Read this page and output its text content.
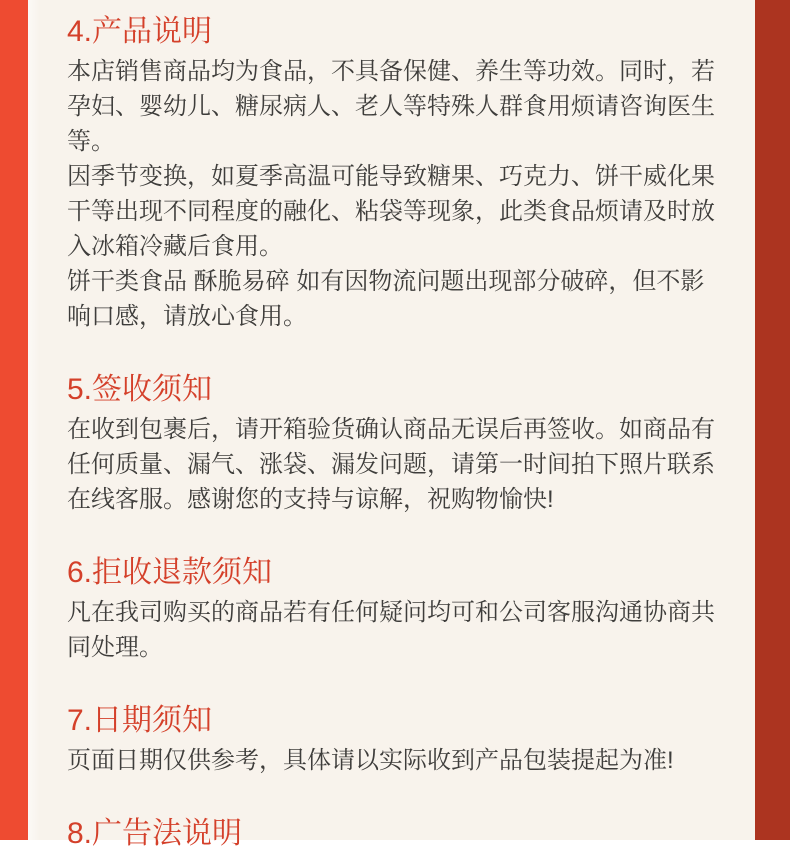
4.产品说明

本店销售商品均为食品，不具备保健、养生等功效。同时，若孕妇、婴幼儿、糖尿病人、老人等特殊人群食用烦请咨询医生等。

因季节变换，如夏季高温可能导致糖果、巧克力、饼干威化果干等出现不同程度的融化、粘袋等现象，此类食品烦请及时放入冰箱冷藏后食用。

饼干类食品 酥脆易碎 如有因物流问题出现部分破碎，但不影响口感，请放心食用。

5.签收须知

在收到包裹后，请开箱验货确认商品无误后再签收。如商品有任何质量、漏气、涨袋、漏发问题，请第一时间拍下照片联系在线客服。感谢您的支持与谅解，祝购物愉快!

6.拒收退款须知

凡在我司购买的商品若有任何疑问均可和公司客服沟通协商共同处理。

7.日期须知

页面日期仅供参考，具体请以实际收到产品包装提起为准!

8.广告法说明
